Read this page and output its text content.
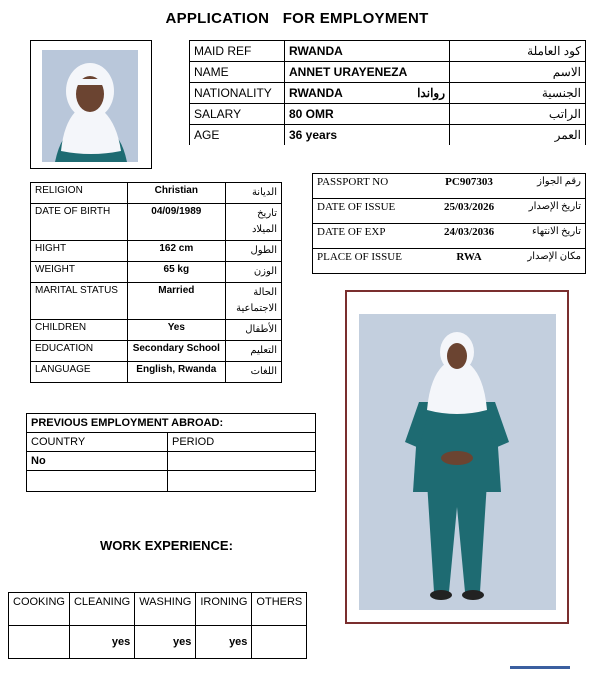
APPLICATION   FOR EMPLOYMENT
MAID REF	RWANDA	كود العاملة
NAME	ANNET URAYENEZA	الاسم
NATIONALITY	RWANDA رواندا	الجنسية
SALARY	80 OMR	الراتب
AGE	36 years	العمر
RELIGION	Christian	الديانة
DATE OF BIRTH	04/09/1989	تاريخ الميلاد
HIGHT	162 cm	الطول
WEIGHT	65 kg	الوزن
MARITAL STATUS	Married	الحالة الاجتماعية
CHILDREN	Yes	الأطفال
EDUCATION	Secondary School	التعليم
LANGUAGE	English, Rwanda	اللغات
PASSPORT NO	PC907303	رقم الجواز
DATE OF ISSUE	25/03/2026	تاريخ الإصدار
DATE OF EXP	24/03/2036	تاريخ الانتهاء
PLACE OF ISSUE	RWA	مكان الإصدار
PREVIOUS EMPLOYMENT ABROAD:	
COUNTRY	PERIOD
No	

WORK EXPERIENCE:
COOKING	CLEANING	WASHING	IRONING	OTHERS
	yes	yes	yes	
